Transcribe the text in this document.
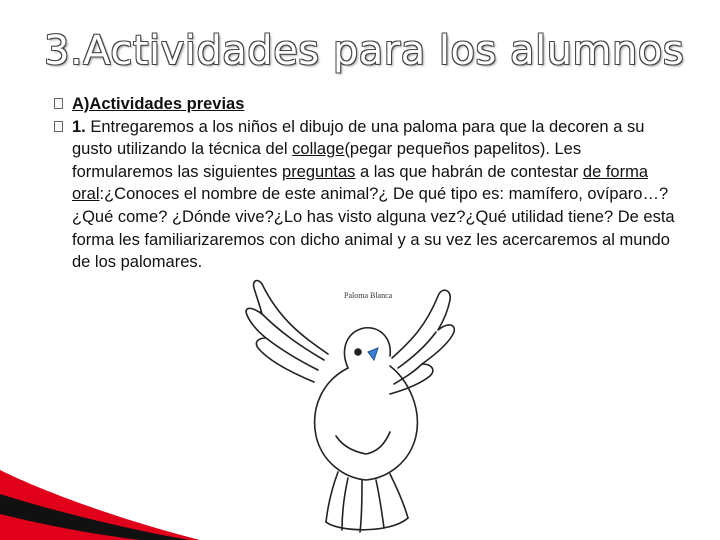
3.Actividades para los alumnos
A)Actividades previas
1. Entregaremos a los niños el dibujo de una paloma para que la decoren a su gusto utilizando la técnica del collage(pegar pequeños papelitos). Les formularemos las siguientes preguntas a las que habrán de contestar de forma oral:¿Conoces el nombre de este animal?¿ De qué tipo es: mamífero, ovíparo…?¿Qué come? ¿Dónde vive?¿Lo has visto alguna vez?¿Qué utilidad tiene? De esta forma les familiarizaremos con dicho animal y a su vez les acercaremos al mundo de los palomares.
Paloma Blanca
